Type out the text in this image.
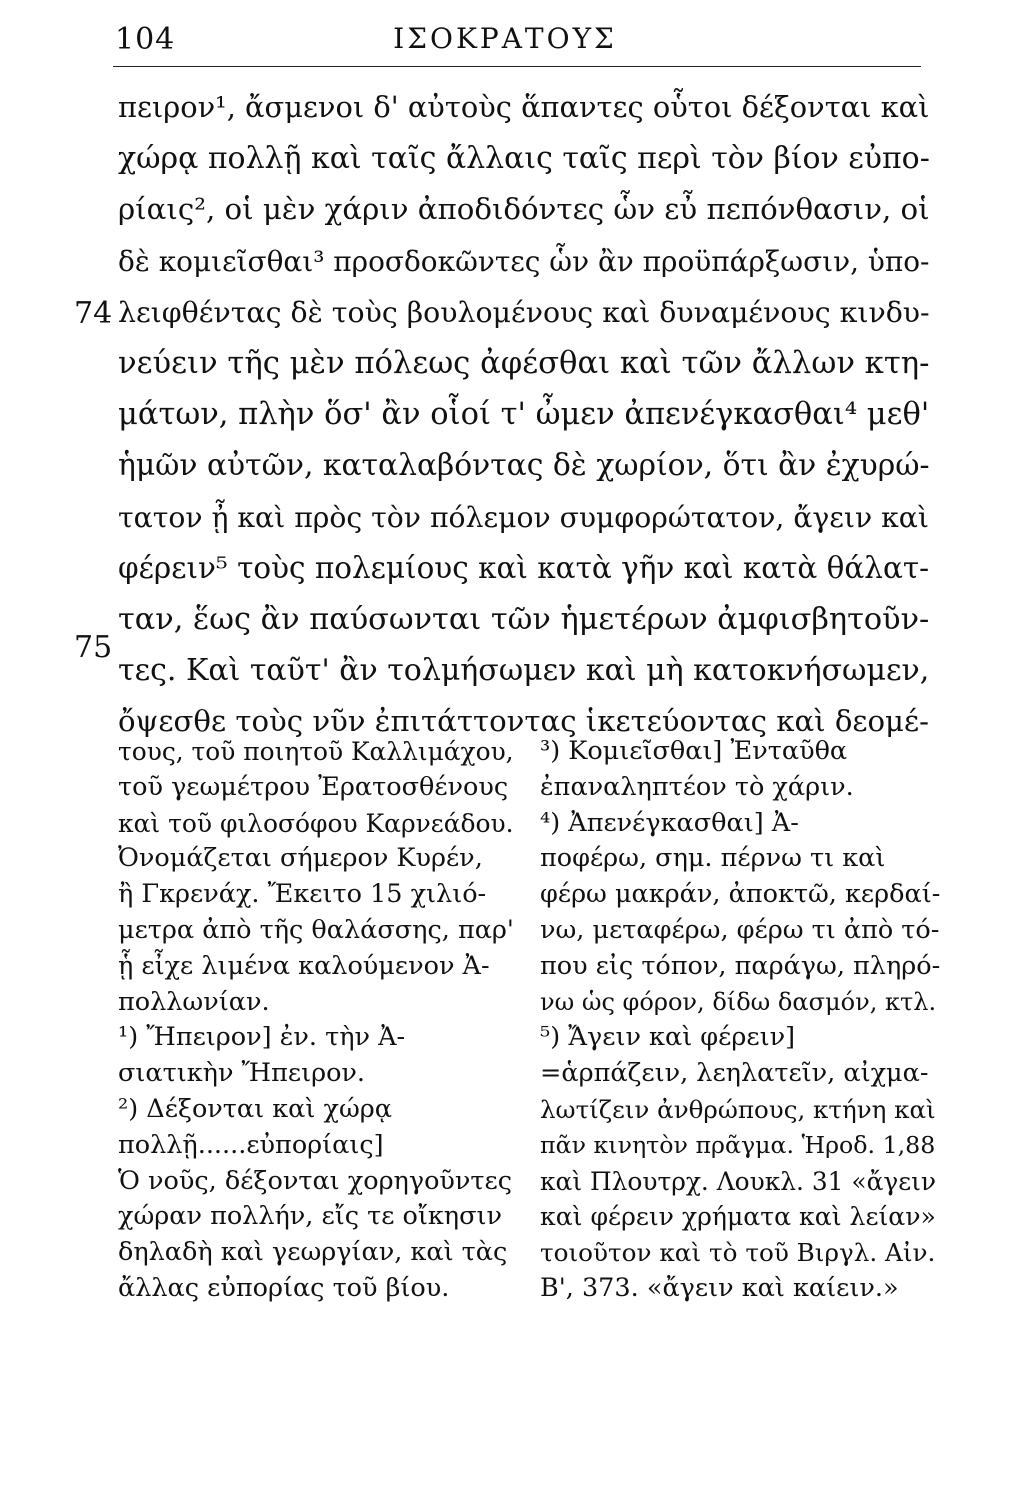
104	ΙΣΟΚΡΑΤΟΥΣ
74
75
πειρον¹, ἄσμενοι δ' αὐτοὺς ἅπαντες οὗτοι δέξονται καὶ
χώρᾳ πολλῇ καὶ ταῖς ἄλλαις ταῖς περὶ τὸν βίον εὐπο-
ρίαις², οἱ μὲν χάριν ἀποδιδόντες ὧν εὖ πεπόνθασιν, οἱ
δὲ κομιεῖσθαι³ προσδοκῶντες ὧν ἂν προϋπάρξωσιν, ὑπο-
λειφθέντας δὲ τοὺς βουλομένους καὶ δυναμένους κινδυ-
νεύειν τῆς μὲν πόλεως ἀφέσθαι καὶ τῶν ἄλλων κτη-
μάτων, πλὴν ὅσ' ἂν οἷοί τ' ὦμεν ἀπενέγκασθαι⁴ μεθ'
ἡμῶν αὐτῶν, καταλαβόντας δὲ χωρίον, ὅτι ἂν ἐχυρώ-
τατον ᾖ καὶ πρὸς τὸν πόλεμον συμφορώτατον, ἄγειν καὶ
φέρειν⁵ τοὺς πολεμίους καὶ κατὰ γῆν καὶ κατὰ θάλατ-
ταν, ἕως ἂν παύσωνται τῶν ἡμετέρων ἀμφισβητοῦν-
τες. Καὶ ταῦτ' ἂν τολμήσωμεν καὶ μὴ κατοκνήσωμεν,
ὄψεσθε τοὺς νῦν ἐπιτάττοντας ἱκετεύοντας καὶ δεομέ-
τους, τοῦ ποιητοῦ Καλλιμάχου,
τοῦ γεωμέτρου Ἐρατοσθένους
καὶ τοῦ φιλοσόφου Καρνεάδου.
Ὀνομάζεται σήμερον Κυρέν,
ἢ Γκρενάχ. Ἔκειτο 15 χιλιό-
μετρα ἀπὸ τῆς θαλάσσης, παρ'
ᾗ εἶχε λιμένα καλούμενον Ἀ-
πολλωνίαν.
¹) Ἤπειρον] ἐν. τὴν Ἀ-
σιατικὴν Ἤπειρον.
²) Δέξονται καὶ χώρᾳ
πολλῇ......εὐπορίαις]
Ὁ νοῦς, δέξονται χορηγοῦντες
χώραν πολλήν, εἴς τε οἴκησιν
δηλαδὴ καὶ γεωργίαν, καὶ τὰς
ἄλλας εὐπορίας τοῦ βίου.
³) Κομιεῖσθαι] Ἐνταῦθα
ἐπαναληπτέον τὸ χάριν.
⁴) Ἀπενέγκασθαι] Ἀ-
ποφέρω, σημ. πέρνω τι καὶ
φέρω μακράν, ἀποκτῶ, κερδαί-
νω, μεταφέρω, φέρω τι ἀπὸ τό-
που εἰς τόπον, παράγω, πληρό-
νω ὡς φόρον, δίδω δασμόν, κτλ.
⁵) Ἄγειν καὶ φέρειν]
=ἁρπάζειν, λεηλατεῖν, αἰχμα-
λωτίζειν ἀνθρώπους, κτήνη καὶ
πᾶν κινητὸν πρᾶγμα. Ἡροδ. 1,88
καὶ Πλουτρχ. Λουκλ. 31 «ἄγειν
καὶ φέρειν χρήματα καὶ λείαν»
τοιοῦτον καὶ τὸ τοῦ Βιργλ. Αἰν.
Β', 373. «ἄγειν καὶ καίειν.»
